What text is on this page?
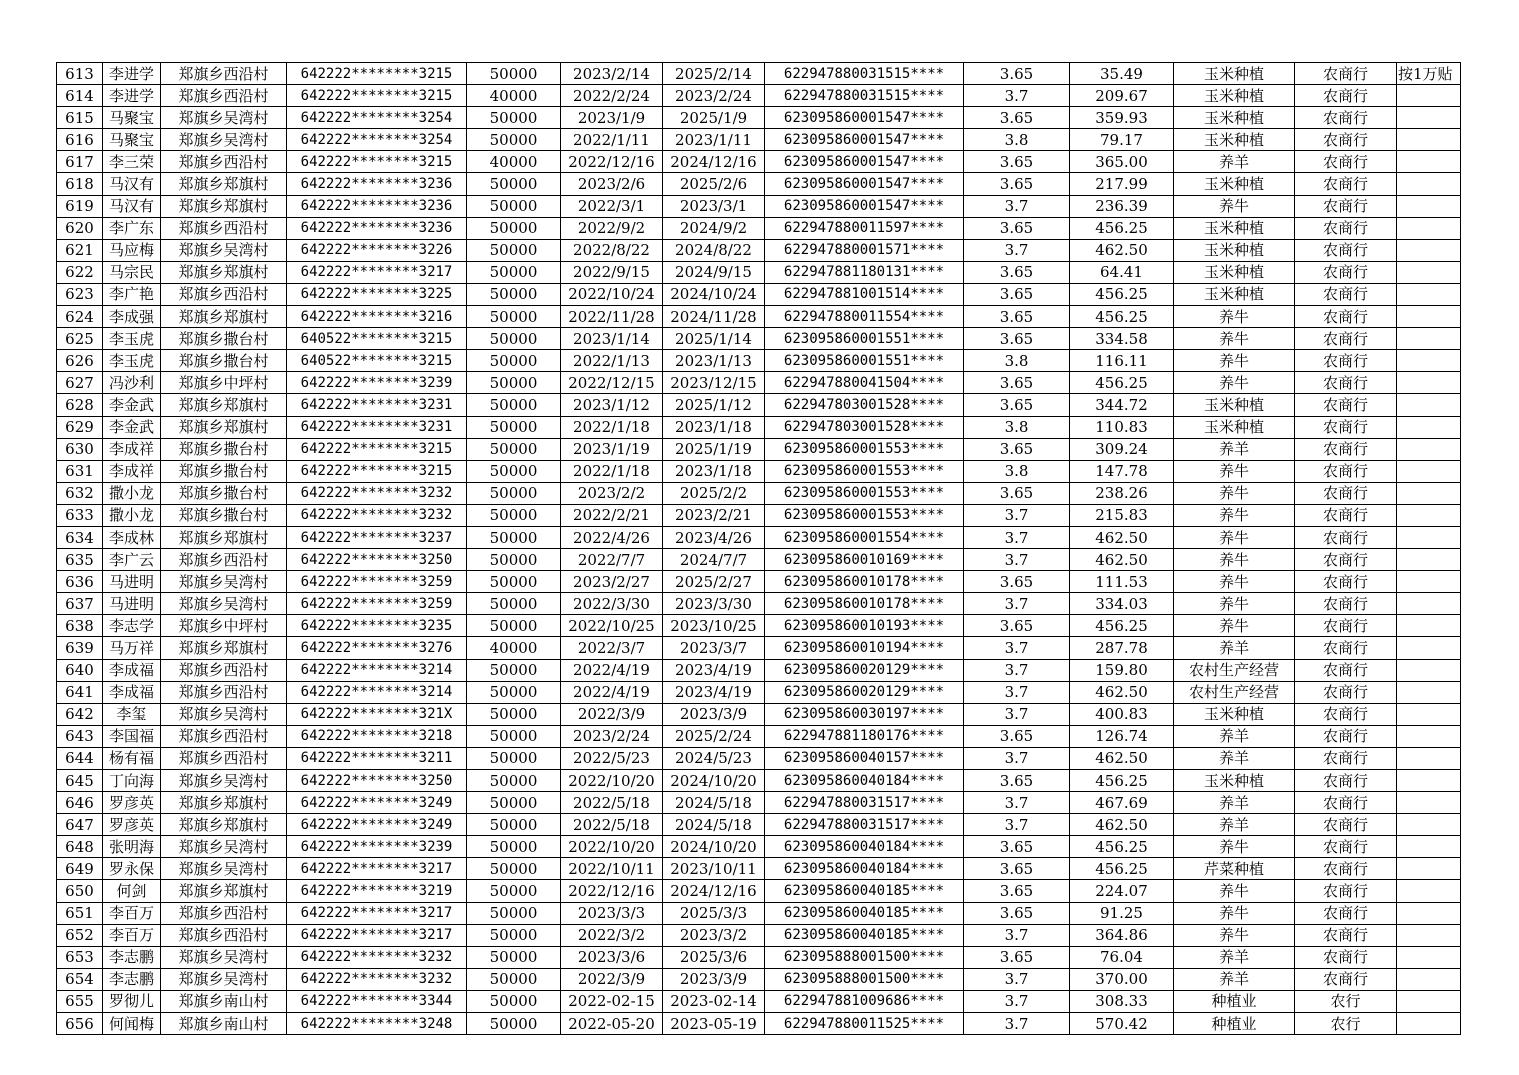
613	李进学	郑旗乡西沿村	642222********3215	50000	2023/2/14	2025/2/14	622947880031515****	3.65	35.49	玉米种植	农商行	按1万贴
614	李进学	郑旗乡西沿村	642222********3215	40000	2022/2/24	2023/2/24	622947880031515****	3.7	209.67	玉米种植	农商行	
615	马聚宝	郑旗乡吴湾村	642222********3254	50000	2023/1/9	2025/1/9	623095860001547****	3.65	359.93	玉米种植	农商行	
616	马聚宝	郑旗乡吴湾村	642222********3254	50000	2022/1/11	2023/1/11	623095860001547****	3.8	79.17	玉米种植	农商行	
617	李三荣	郑旗乡西沿村	642222********3215	40000	2022/12/16	2024/12/16	623095860001547****	3.65	365.00	养羊	农商行	
618	马汉有	郑旗乡郑旗村	642222********3236	50000	2023/2/6	2025/2/6	623095860001547****	3.65	217.99	玉米种植	农商行	
619	马汉有	郑旗乡郑旗村	642222********3236	50000	2022/3/1	2023/3/1	623095860001547****	3.7	236.39	养牛	农商行	
620	李广东	郑旗乡西沿村	642222********3236	50000	2022/9/2	2024/9/2	622947880011597****	3.65	456.25	玉米种植	农商行	
621	马应梅	郑旗乡吴湾村	642222********3226	50000	2022/8/22	2024/8/22	622947880001571****	3.7	462.50	玉米种植	农商行	
622	马宗民	郑旗乡郑旗村	642222********3217	50000	2022/9/15	2024/9/15	622947881180131****	3.65	64.41	玉米种植	农商行	
623	李广艳	郑旗乡西沿村	642222********3225	50000	2022/10/24	2024/10/24	622947881001514****	3.65	456.25	玉米种植	农商行	
624	李成强	郑旗乡郑旗村	642222********3216	50000	2022/11/28	2024/11/28	622947880011554****	3.65	456.25	养牛	农商行	
625	李玉虎	郑旗乡撒台村	640522********3215	50000	2023/1/14	2025/1/14	623095860001551****	3.65	334.58	养牛	农商行	
626	李玉虎	郑旗乡撒台村	640522********3215	50000	2022/1/13	2023/1/13	623095860001551****	3.8	116.11	养牛	农商行	
627	冯沙利	郑旗乡中坪村	642222********3239	50000	2022/12/15	2023/12/15	622947880041504****	3.65	456.25	养牛	农商行	
628	李金武	郑旗乡郑旗村	642222********3231	50000	2023/1/12	2025/1/12	622947803001528****	3.65	344.72	玉米种植	农商行	
629	李金武	郑旗乡郑旗村	642222********3231	50000	2022/1/18	2023/1/18	622947803001528****	3.8	110.83	玉米种植	农商行	
630	李成祥	郑旗乡撒台村	642222********3215	50000	2023/1/19	2025/1/19	623095860001553****	3.65	309.24	养羊	农商行	
631	李成祥	郑旗乡撒台村	642222********3215	50000	2022/1/18	2023/1/18	623095860001553****	3.8	147.78	养牛	农商行	
632	撒小龙	郑旗乡撒台村	642222********3232	50000	2023/2/2	2025/2/2	623095860001553****	3.65	238.26	养牛	农商行	
633	撒小龙	郑旗乡撒台村	642222********3232	50000	2022/2/21	2023/2/21	623095860001553****	3.7	215.83	养牛	农商行	
634	李成林	郑旗乡郑旗村	642222********3237	50000	2022/4/26	2023/4/26	623095860001554****	3.7	462.50	养牛	农商行	
635	李广云	郑旗乡西沿村	642222********3250	50000	2022/7/7	2024/7/7	623095860010169****	3.7	462.50	养牛	农商行	
636	马进明	郑旗乡吴湾村	642222********3259	50000	2023/2/27	2025/2/27	623095860010178****	3.65	111.53	养牛	农商行	
637	马进明	郑旗乡吴湾村	642222********3259	50000	2022/3/30	2023/3/30	623095860010178****	3.7	334.03	养牛	农商行	
638	李志学	郑旗乡中坪村	642222********3235	50000	2022/10/25	2023/10/25	623095860010193****	3.65	456.25	养牛	农商行	
639	马万祥	郑旗乡郑旗村	642222********3276	40000	2022/3/7	2023/3/7	623095860010194****	3.7	287.78	养羊	农商行	
640	李成福	郑旗乡西沿村	642222********3214	50000	2022/4/19	2023/4/19	623095860020129****	3.7	159.80	农村生产经营	农商行	
641	李成福	郑旗乡西沿村	642222********3214	50000	2022/4/19	2023/4/19	623095860020129****	3.7	462.50	农村生产经营	农商行	
642	李玺	郑旗乡吴湾村	642222********321X	50000	2022/3/9	2023/3/9	623095860030197****	3.7	400.83	玉米种植	农商行	
643	李国福	郑旗乡西沿村	642222********3218	50000	2023/2/24	2025/2/24	622947881180176****	3.65	126.74	养羊	农商行	
644	杨有福	郑旗乡西沿村	642222********3211	50000	2022/5/23	2024/5/23	623095860040157****	3.7	462.50	养羊	农商行	
645	丁向海	郑旗乡吴湾村	642222********3250	50000	2022/10/20	2024/10/20	623095860040184****	3.65	456.25	玉米种植	农商行	
646	罗彦英	郑旗乡郑旗村	642222********3249	50000	2022/5/18	2024/5/18	622947880031517****	3.7	467.69	养羊	农商行	
647	罗彦英	郑旗乡郑旗村	642222********3249	50000	2022/5/18	2024/5/18	622947880031517****	3.7	462.50	养羊	农商行	
648	张明海	郑旗乡吴湾村	642222********3239	50000	2022/10/20	2024/10/20	623095860040184****	3.65	456.25	养牛	农商行	
649	罗永保	郑旗乡吴湾村	642222********3217	50000	2022/10/11	2023/10/11	623095860040184****	3.65	456.25	芹菜种植	农商行	
650	何剑	郑旗乡郑旗村	642222********3219	50000	2022/12/16	2024/12/16	623095860040185****	3.65	224.07	养牛	农商行	
651	李百万	郑旗乡西沿村	642222********3217	50000	2023/3/3	2025/3/3	623095860040185****	3.65	91.25	养牛	农商行	
652	李百万	郑旗乡西沿村	642222********3217	50000	2022/3/2	2023/3/2	623095860040185****	3.7	364.86	养牛	农商行	
653	李志鹏	郑旗乡吴湾村	642222********3232	50000	2023/3/6	2025/3/6	623095888001500****	3.65	76.04	养羊	农商行	
654	李志鹏	郑旗乡吴湾村	642222********3232	50000	2022/3/9	2023/3/9	623095888001500****	3.7	370.00	养羊	农商行	
655	罗彻儿	郑旗乡南山村	642222********3344	50000	2022-02-15	2023-02-14	622947881009686****	3.7	308.33	种植业	农行	
656	何闻梅	郑旗乡南山村	642222********3248	50000	2022-05-20	2023-05-19	622947880011525****	3.7	570.42	种植业	农行	
